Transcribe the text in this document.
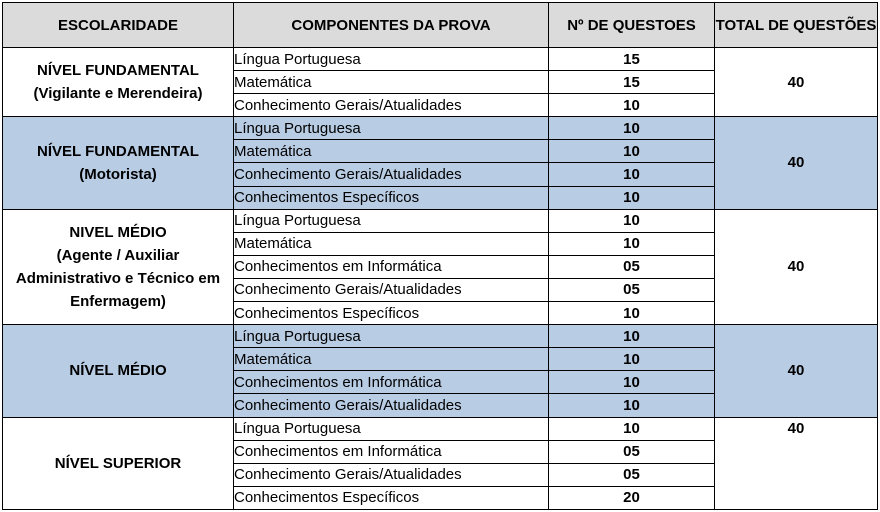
ESCOLARIDADE	COMPONENTES DA PROVA	Nº DE QUESTOES	TOTAL DE QUESTÕES

NÍVEL FUNDAMENTAL
(Vigilante e Merendeira)	Língua Portuguesa	15	40
	Matemática	15	
	Conhecimento Gerais/Atualidades	10	

NÍVEL FUNDAMENTAL
(Motorista)	Língua Portuguesa	10	40
	Matemática	10	
	Conhecimento Gerais/Atualidades	10	
	Conhecimentos Específicos	10	

NIVEL MÉDIO
(Agente / Auxiliar Administrativo e Técnico em Enfermagem)	Língua Portuguesa	10	40
	Matemática	10	
	Conhecimentos em Informática	05	
	Conhecimento Gerais/Atualidades	05	
	Conhecimentos Específicos	10	

NÍVEL MÉDIO	Língua Portuguesa	10	40
	Matemática	10	
	Conhecimentos em Informática	10	
	Conhecimento Gerais/Atualidades	10	

NÍVEL SUPERIOR	Língua Portuguesa	10	40
	Conhecimentos em Informática	05	
	Conhecimento Gerais/Atualidades	05	
	Conhecimentos Específicos	20	
